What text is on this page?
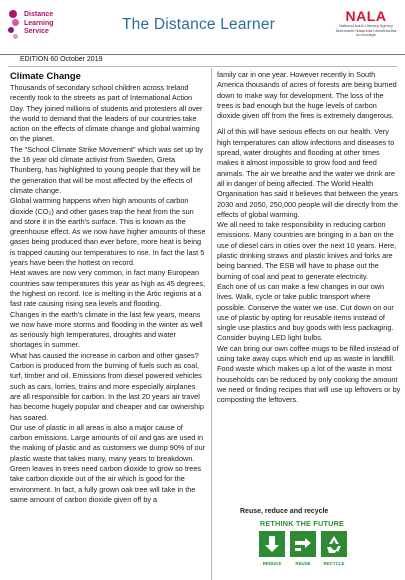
Distance
Learning
Service	The Distance Learner	NALA
National Adult Literacy Agency
Áisíneacht Náisiúnta Litearthachta do Aosaigh
EDITION 60 October 2019
Climate Change

Thousands of secondary school children across Ireland recently took to the streets as part of International Action Day. They joined millions of students and protesters all over the world to demand that the leaders of our countries take action on the effects of climate change and global warming on the planet.

The "School Climate Strike Movement" which was set up by the 16 year old climate activist from Sweden, Greta Thunberg, has highlighted to young people that they will be the generation that will be most affected by the effects of climate change.

Global warming happens when high amounts of carbon dioxide (CO₂) and other gases trap the heat from the sun and store it in the earth's surface. This is known as the greenhouse effect. As we now have higher amounts of these gases being produced than ever before, more heat is being is trapped causing our temperatures to rise. In fact the last 5 years have been the hottest on record.

Heat waves are now very common, in fact many European countries saw temperatures this year as high as 45 degrees, the highest on record. Ice is melting in the Artic regions at a fast rate causing rising sea levels and flooding.

Changes in the earth's climate in the last few years, means we now have more storms and flooding in the winter as well as seriously high temperatures, droughts and water shortages in summer.

What has caused the increase in carbon and other gases? Carbon is produced from the burning of fuels such as coal, turf, timber and oil. Emissions from diesel powered vehicles such as cars, lorries, trains and more especially airplanes are all responsible for carbon. In the last 20 years air travel has become hugely popular and cheaper and car ownership has soared.

Our use of plastic in all areas is also a major cause of carbon emissions. Large amounts of oil and gas are used in the making of plastic and as customers we dump 90% of our plastic waste that takes many, many years to breakdown.

Green leaves in trees need carbon dioxide to grow so trees take carbon dioxide out of the air which is good for the environment. In fact, a fully grown oak tree will take in the same amount of carbon dioxide given off by a

family car in one year. However recently in South America thousands of acres of forests are being burned down to make way for development. The loss of the trees is bad enough but the huge levels of carbon dioxide given off from the fires is extremely dangerous.

All of this will have serious effects on our health. Very high temperatures can allow infections and diseases to spread, water droughts and flooding at other times makes it almost impossible to grow food and feed animals. The air we breathe and the water we drink are all in danger of being affected. The World Health Organisation has said it believes that between the years 2030 and 2050, 250,000 people will die directly from the effects of global warming.

We all need to take responsibility in reducing carbon emissions. Many countries are bringing in a ban on the use of diesel cars in cities over the next 10 years. Here, plastic drinking straws and plastic knives and forks are being banned. The ESB will have to phase out the burning of coal and peat to generate electricity.

Each one of us can make a few changes in our own lives. Walk, cycle or take public transport where possible. Conserve the water we use. Cut down on our use of plastic by opting for reusable items instead of single use plastics and buy goods with less packaging. Consider buying LED light bulbs.

We can bring our own coffee mugs to be filled instead of using take away cups which end up as waste in landfill. Food waste which makes up a lot of the waste in most households can be reduced by only cooking the amount we need or finding recipes that will use up leftovers or by composting the leftovers.

Reuse, reduce and recycle
RETHINK THE FUTURE
REDUCE	REUSE	RECYCLE
